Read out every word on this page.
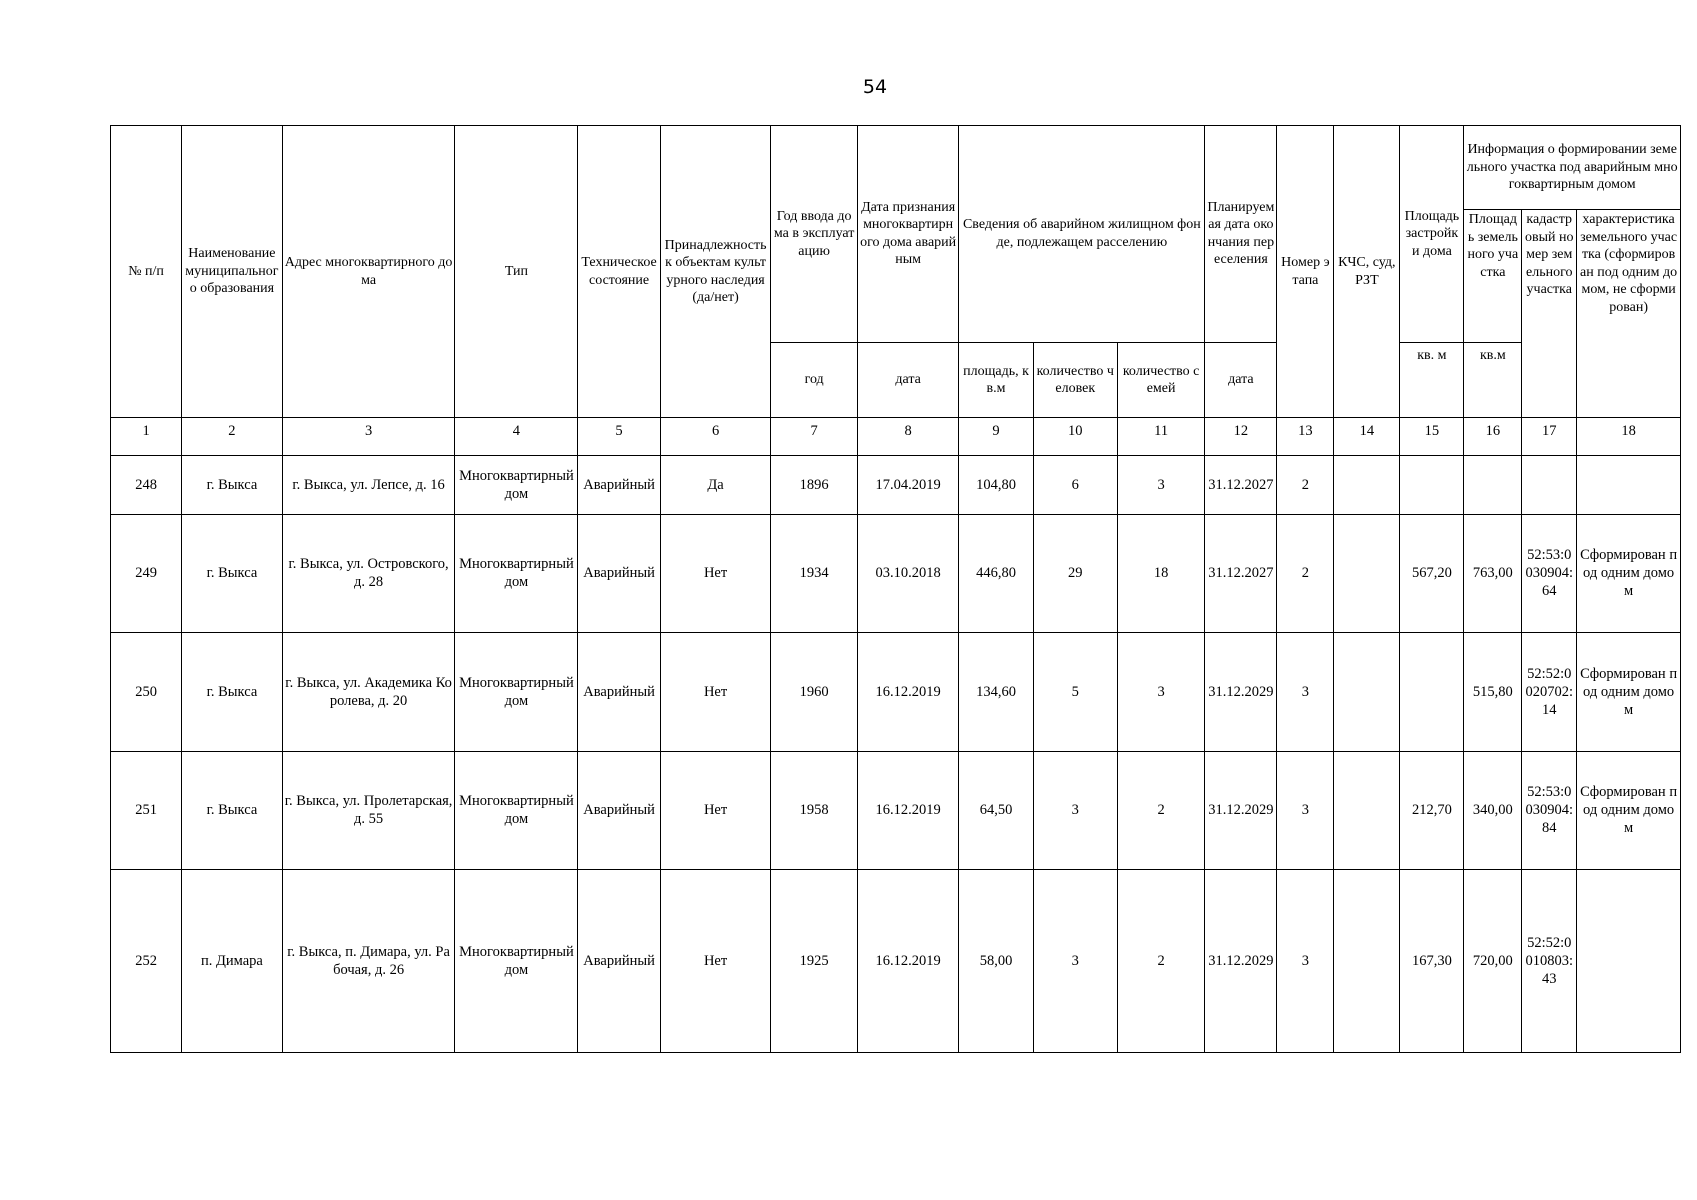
54
№ п/п	Наименование муниципального образования	Адрес многоквартирного дома	Тип	Техническое состояние	Принадлежность к объектам культурного наследия (да/нет)	Год ввода дома в эксплуатацию	Дата признания многоквартирного дома аварийным	Сведения об аварийном жилищном фонде, подлежащем расселению			Планируемая дата окончания переселения	Номер этапа	КЧС, суд, РЗТ	Площадь застройки дома	Информация о формировании земельного участка под аварийным многоквартирным домом		
															Площадь земельного участка	кадастровый номер земельного участка	характеристика земельного участка (сформирован под одним домом, не сформирован)
						год	дата	площадь, кв.м	количество человек	количество семей	дата			кв. м	кв.м		
1	2	3	4	5	6	7	8	9	10	11	12	13	14	15	16	17	18
248	г. Выкса	г. Выкса, ул. Лепсе, д. 16	Многоквартирный дом	Аварийный	Да	1896	17.04.2019	104,80	6	3	31.12.2027	2					
249	г. Выкса	г. Выкса, ул. Островского, д. 28	Многоквартирный дом	Аварийный	Нет	1934	03.10.2018	446,80	29	18	31.12.2027	2		567,20	763,00	52:53:0030904:64	Сформирован под одним домом
250	г. Выкса	г. Выкса, ул. Академика Королева, д. 20	Многоквартирный дом	Аварийный	Нет	1960	16.12.2019	134,60	5	3	31.12.2029	3			515,80	52:52:0020702:14	Сформирован под одним домом
251	г. Выкса	г. Выкса, ул. Пролетарская, д. 55	Многоквартирный дом	Аварийный	Нет	1958	16.12.2019	64,50	3	2	31.12.2029	3		212,70	340,00	52:53:0030904:84	Сформирован под одним домом
252	п. Димара	г. Выкса, п. Димара, ул. Рабочая, д. 26	Многоквартирный дом	Аварийный	Нет	1925	16.12.2019	58,00	3	2	31.12.2029	3		167,30	720,00	52:52:0010803:43	
